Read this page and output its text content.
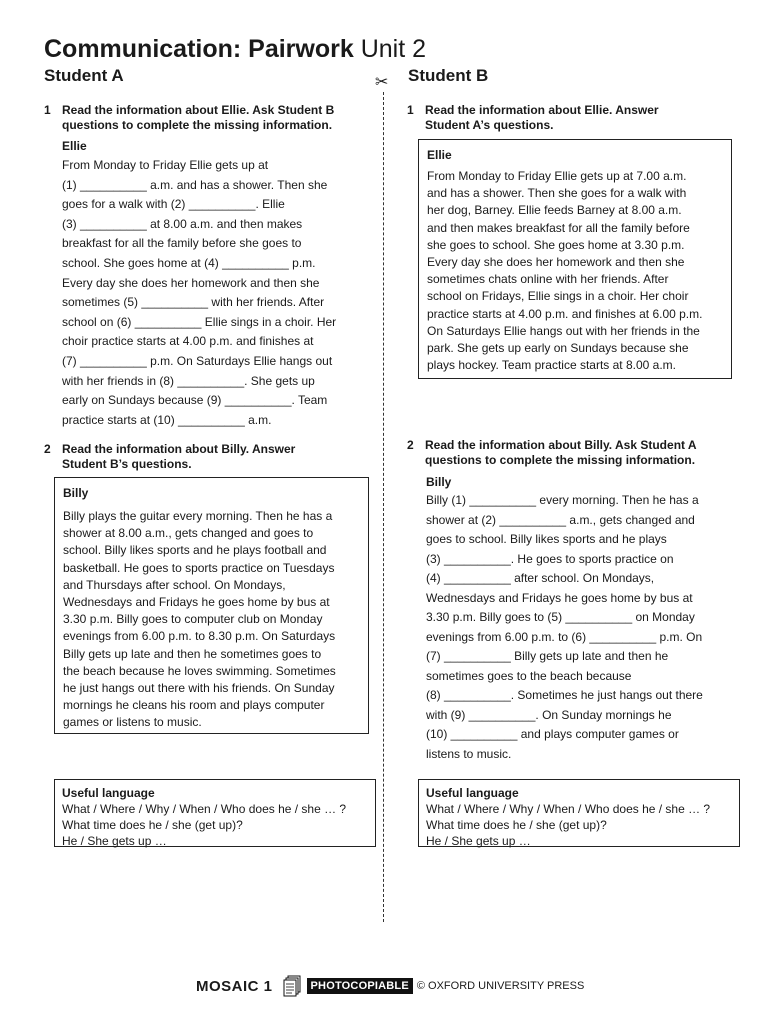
Communication: Pairwork Unit 2
Student A	Student B
✂
1 Read the information about Ellie. Ask Student B
questions to complete the missing information.
Ellie
From Monday to Friday Ellie gets up at
(1) __________ a.m. and has a shower. Then she
goes for a walk with (2) __________. Ellie
(3) __________ at 8.00 a.m. and then makes
breakfast for all the family before she goes to
school. She goes home at (4) __________ p.m.
Every day she does her homework and then she
sometimes (5) __________ with her friends. After
school on (6) __________ Ellie sings in a choir. Her
choir practice starts at 4.00 p.m. and finishes at
(7) __________ p.m. On Saturdays Ellie hangs out
with her friends in (8) __________. She gets up
early on Sundays because (9) __________. Team
practice starts at (10) __________ a.m.
2 Read the information about Billy. Answer
Student B’s questions.
Billy
Billy plays the guitar every morning. Then he has a
shower at 8.00 a.m., gets changed and goes to
school. Billy likes sports and he plays football and
basketball. He goes to sports practice on Tuesdays
and Thursdays after school. On Mondays,
Wednesdays and Fridays he goes home by bus at
3.30 p.m. Billy goes to computer club on Monday
evenings from 6.00 p.m. to 8.30 p.m. On Saturdays
Billy gets up late and then he sometimes goes to
the beach because he loves swimming. Sometimes
he just hangs out there with his friends. On Sunday
mornings he cleans his room and plays computer
games or listens to music.
Useful language
What / Where / Why / When / Who does he / she … ?
What time does he / she (get up)?
He / She gets up …
1 Read the information about Ellie. Answer
Student A’s questions.
Ellie
From Monday to Friday Ellie gets up at 7.00 a.m.
and has a shower. Then she goes for a walk with
her dog, Barney. Ellie feeds Barney at 8.00 a.m.
and then makes breakfast for all the family before
she goes to school. She goes home at 3.30 p.m.
Every day she does her homework and then she
sometimes chats online with her friends. After
school on Fridays, Ellie sings in a choir. Her choir
practice starts at 4.00 p.m. and finishes at 6.00 p.m.
On Saturdays Ellie hangs out with her friends in the
park. She gets up early on Sundays because she
plays hockey. Team practice starts at 8.00 a.m.
2 Read the information about Billy. Ask Student A
questions to complete the missing information.
Billy
Billy (1) __________ every morning. Then he has a
shower at (2) __________ a.m., gets changed and
goes to school. Billy likes sports and he plays
(3) __________. He goes to sports practice on
(4) __________ after school. On Mondays,
Wednesdays and Fridays he goes home by bus at
3.30 p.m. Billy goes to (5) __________ on Monday
evenings from 6.00 p.m. to (6) __________ p.m. On
(7) __________ Billy gets up late and then he
sometimes goes to the beach because
(8) __________. Sometimes he just hangs out there
with (9) __________. On Sunday mornings he
(10) __________ and plays computer games or
listens to music.
Useful language
What / Where / Why / When / Who does he / she … ?
What time does he / she (get up)?
He / She gets up …
MOSAIC 1	PHOTOCOPIABLE © OXFORD UNIVERSITY PRESS
